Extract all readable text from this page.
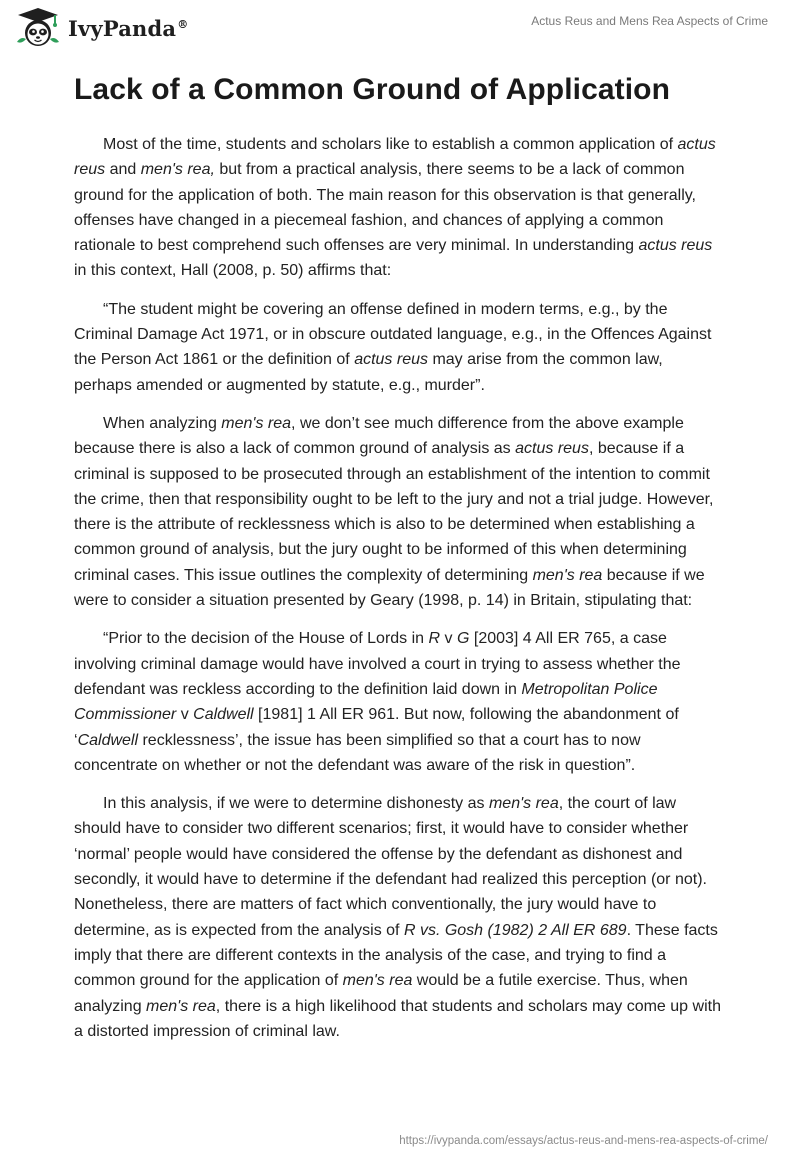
IvyPanda®	Actus Reus and Mens Rea Aspects of Crime
Lack of a Common Ground of Application

Most of the time, students and scholars like to establish a common application of actus reus and men's rea, but from a practical analysis, there seems to be a lack of common ground for the application of both. The main reason for this observation is that generally, offenses have changed in a piecemeal fashion, and chances of applying a common rationale to best comprehend such offenses are very minimal. In understanding actus reus in this context, Hall (2008, p. 50) affirms that:

“The student might be covering an offense defined in modern terms, e.g., by the Criminal Damage Act 1971, or in obscure outdated language, e.g., in the Offences Against the Person Act 1861 or the definition of actus reus may arise from the common law, perhaps amended or augmented by statute, e.g., murder”.

When analyzing men's rea, we don’t see much difference from the above example because there is also a lack of common ground of analysis as actus reus, because if a criminal is supposed to be prosecuted through an establishment of the intention to commit the crime, then that responsibility ought to be left to the jury and not a trial judge. However, there is the attribute of recklessness which is also to be determined when establishing a common ground of analysis, but the jury ought to be informed of this when determining criminal cases. This issue outlines the complexity of determining men's rea because if we were to consider a situation presented by Geary (1998, p. 14) in Britain, stipulating that:

“Prior to the decision of the House of Lords in R v G [2003] 4 All ER 765, a case involving criminal damage would have involved a court in trying to assess whether the defendant was reckless according to the definition laid down in Metropolitan Police Commissioner v Caldwell [1981] 1 All ER 961. But now, following the abandonment of ‘Caldwell recklessness’, the issue has been simplified so that a court has to now concentrate on whether or not the defendant was aware of the risk in question”.

In this analysis, if we were to determine dishonesty as men's rea, the court of law should have to consider two different scenarios; first, it would have to consider whether ‘normal’ people would have considered the offense by the defendant as dishonest and secondly, it would have to determine if the defendant had realized this perception (or not). Nonetheless, there are matters of fact which conventionally, the jury would have to determine, as is expected from the analysis of R vs. Gosh (1982) 2 All ER 689. These facts imply that there are different contexts in the analysis of the case, and trying to find a common ground for the application of men's rea would be a futile exercise. Thus, when analyzing men's rea, there is a high likelihood that students and scholars may come up with a distorted impression of criminal law.

https://ivypanda.com/essays/actus-reus-and-mens-rea-aspects-of-crime/
